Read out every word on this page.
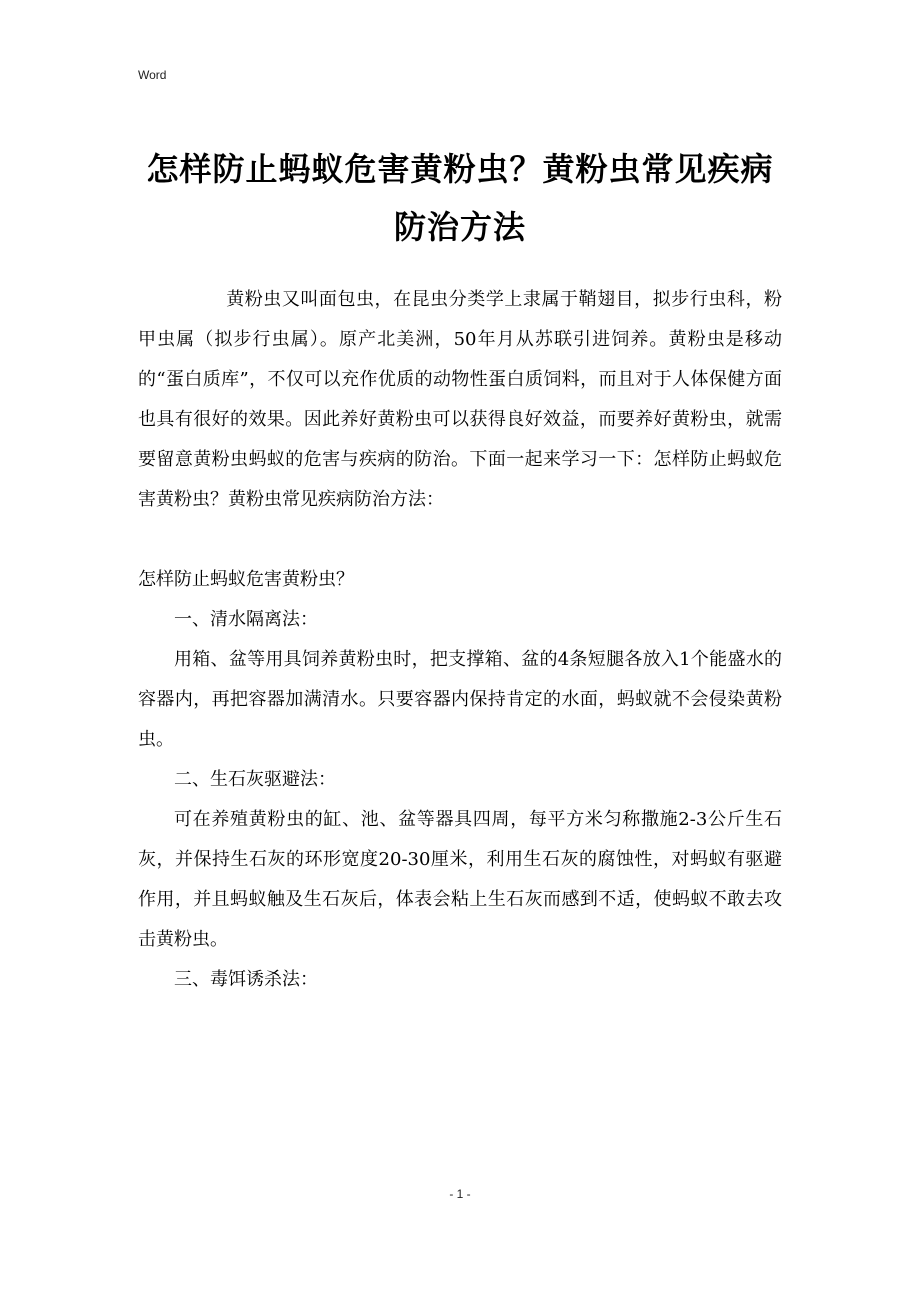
Word
怎样防止蚂蚁危害黄粉虫？黄粉虫常见疾病防治方法

黄粉虫又叫面包虫，在昆虫分类学上隶属于鞘翅目，拟步行虫科，粉甲虫属（拟步行虫属）。原产北美洲，50年月从苏联引进饲养。黄粉虫是移动的“蛋白质库”，不仅可以充作优质的动物性蛋白质饲料，而且对于人体保健方面也具有很好的效果。因此养好黄粉虫可以获得良好效益，而要养好黄粉虫，就需要留意黄粉虫蚂蚁的危害与疾病的防治。下面一起来学习一下：怎样防止蚂蚁危害黄粉虫？黄粉虫常见疾病防治方法：

怎样防止蚂蚁危害黄粉虫？

一、清水隔离法：

用箱、盆等用具饲养黄粉虫时，把支撑箱、盆的4条短腿各放入1个能盛水的容器内，再把容器加满清水。只要容器内保持肯定的水面，蚂蚁就不会侵染黄粉虫。

二、生石灰驱避法：

可在养殖黄粉虫的缸、池、盆等器具四周，每平方米匀称撒施2-3公斤生石灰，并保持生石灰的环形宽度20-30厘米，利用生石灰的腐蚀性，对蚂蚁有驱避作用，并且蚂蚁触及生石灰后，体表会粘上生石灰而感到不适，使蚂蚁不敢去攻击黄粉虫。

三、毒饵诱杀法：

- 1 -
